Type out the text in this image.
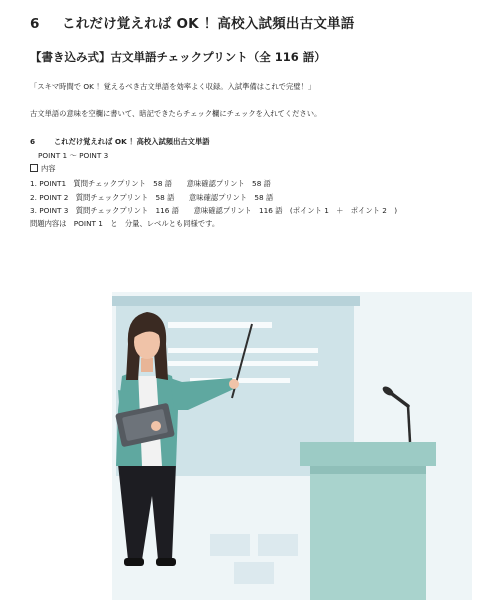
6 これだけ覚えれば OK ！高校入試頻出古文単語
【書き込み式】古文単語チェックプリント（全 116 語）
「スキマ時間で OK ！覚えるべき古文単語を効率よく収録。入試準備はこれで完璧！」
古文単語の意味を空欄に書いて、暗記できたらチェック欄にチェックを入れてください。
6	これだけ覚えれば OK ！高校入試頻出古文単語
POINT 1 〜 POINT 3
内容
1. POINT1　質問チェックプリント　58 語　　意味確認プリント　58 語
2. POINT 2　質問チェックプリント　58 語　　意味確認プリント　58 語
3. POINT 3　質問チェックプリント　116 語　　意味確認プリント　116 語　(ポイント 1　＋　ポイント 2　)
問題内容は　POINT 1　と　分量、レベルとも同様です。
